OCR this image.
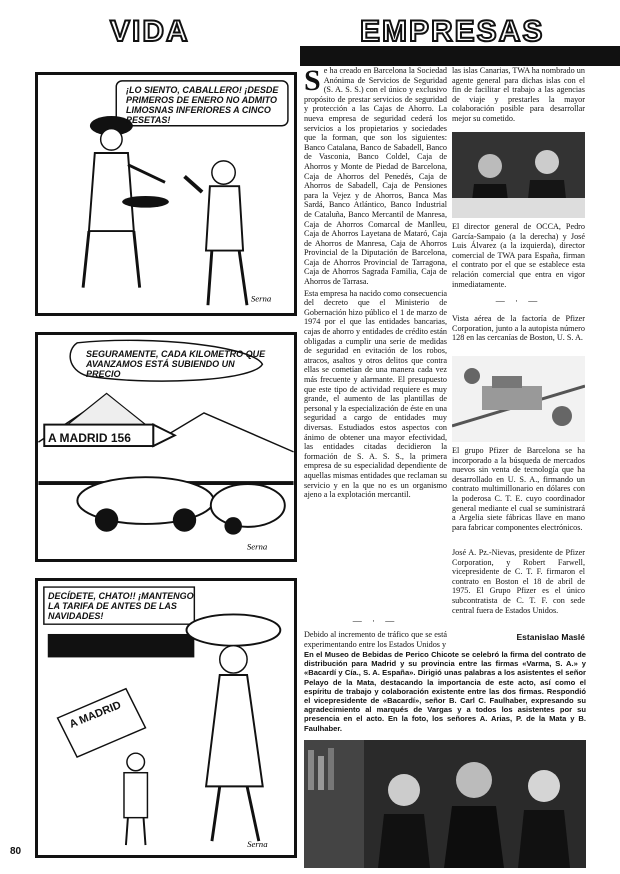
VIDA	EMPRESAS
Serna
¡LO SIENTO, CABALLERO! ¡DESDE PRIMEROS DE ENERO NO ADMITO LIMOSNAS INFERIORES A CINCO PESETAS!
Serna
SEGURAMENTE, CADA KILOMETRO QUE AVANZAMOS ESTÁ SUBIENDO UN PRECIO
A MADRID 156
Serna
DECÍDETE, CHATO!! ¡MANTENGO LA TARIFA DE ANTES DE LAS NAVIDADES!
A MADRID
80
S e ha creado en Barcelona la Sociedad Anónima de Servicios de Seguridad (S. A. S. S.) con el único y exclusivo propósito de prestar servicios de seguridad y protección a las Cajas de Ahorro. La nueva empresa de seguridad cederá los servicios a los propietarios y sociedades que la forman, que son los siguientes: Banco Catalana, Banco de Sabadell, Banco de Vasconia, Banco Coldel, Caja de Ahorros y Monte de Piedad de Barcelona, Caja de Ahorros del Penedés, Caja de Ahorros de Sabadell, Caja de Pensiones para la Vejez y de Ahorros, Banca Mas Sardá, Banco Atlántico, Banco Industrial de Cataluña, Banco Mercantil de Manresa, Caja de Ahorros Comarcal de Manlleu, Caja de Ahorros Layetana de Mataró, Caja de Ahorros de Manresa, Caja de Ahorros Provincial de la Diputación de Barcelona, Caja de Ahorros Provincial de Tarragona, Caja de Ahorros Sagrada Familia, Caja de Ahorros de Tarrasa.

Esta empresa ha nacido como consecuencia del decreto que el Ministerio de Gobernación hizo público el 1 de marzo de 1974 por el que las entidades bancarias, cajas de ahorro y entidades de crédito están obligadas a cumplir una serie de medidas de seguridad en evitación de los robos, atracos, asaltos y otros delitos que contra ellas se cometían de una manera cada vez más frecuente y alarmante. El presupuesto que este tipo de actividad requiere es muy grande, el aumento de las plantillas de personal y la especialización de éste en una seguridad a cargo de entidades muy diversas. Estudiados estos aspectos con ánimo de obtener una mayor efectividad, las entidades citadas decidieron la formación de S. A. S. S., la primera empresa de su especialidad dependiente de aquellas mismas entidades que reclaman su servicio y en la que no es un organismo ajeno a la explotación mercantil.

— · —
Debido al incremento de tráfico que se está experimentando entre los Estados Unidos y
las islas Canarias, TWA ha nombrado un agente general para dichas islas con el fin de facilitar el trabajo a las agencias de viaje y prestarles la mayor colaboración posible para desarrollar mejor su cometido.
El director general de OCCA, Pedro García-Sampaio (a la derecha) y José Luis Álvarez (a la izquierda), director comercial de TWA para España, firman el contrato por el que se establece esta relación comercial que entra en vigor inmediatamente.
— · —
Vista aérea de la factoría de Pfizer Corporation, junto a la autopista número 128 en las cercanías de Boston, U. S. A.
El grupo Pfizer de Barcelona se ha incorporado a la búsqueda de mercados nuevos sin venta de tecnología que ha desarrollado en U. S. A., firmando un contrato multimillonario en dólares con la poderosa C. T. E. cuyo coordinador general mediante el cual se suministrará a Argelia siete fábricas llave en mano para fabricar componentes electrónicos.
José A. Pz.-Nievas, presidente de Pfizer Corporation, y Robert Farwell, vicepresidente de C. T. F. firmaron el contrato en Boston el 18 de abril de 1975. El Grupo Pfizer es el único subcontratista de C. T. F. con sede central fuera de Estados Unidos.
Estanislao Maslé
En el Museo de Bebidas de Perico Chicote se celebró la firma del contrato de distribución para Madrid y su provincia entre las firmas «Varma, S. A.» y «Bacardí y Cía., S. A. España». Dirigió unas palabras a los asistentes el señor Pelayo de la Mata, destacando la importancia de este acto, así como el espíritu de trabajo y colaboración existente entre las dos firmas. Respondió el vicepresidente de «Bacardí», señor B. Carl C. Faulhaber, expresando su agradecimiento al marqués de Vargas y a todos los asistentes por su presencia en el acto. En la foto, los señores A. Arias, P. de la Mata y B. Faulhaber.
